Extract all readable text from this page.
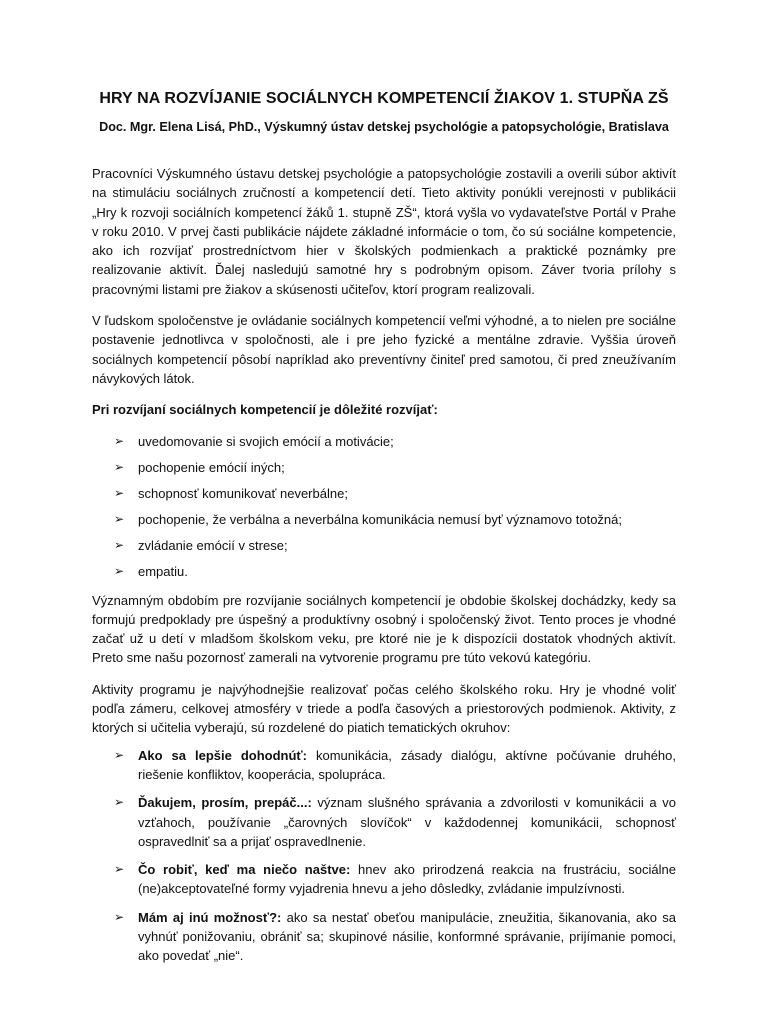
HRY NA ROZVÍJANIE SOCIÁLNYCH KOMPETENCIÍ ŽIAKOV 1. STUPŇA ZŠ
Doc. Mgr. Elena Lisá, PhD., Výskumný ústav detskej psychológie a patopsychológie, Bratislava

Pracovníci Výskumného ústavu detskej psychológie a patopsychológie zostavili a overili súbor aktivít na stimuláciu sociálnych zručností a kompetencií detí. Tieto aktivity ponúkli verejnosti v publikácii „Hry k rozvoji sociálních kompetencí žáků 1. stupně ZŠ“, ktorá vyšla vo vydavateľstve Portál v Prahe v roku 2010. V prvej časti publikácie nájdete základné informácie o tom, čo sú sociálne kompetencie, ako ich rozvíjať prostredníctvom hier v školských podmienkach a praktické poznámky pre realizovanie aktivít. Ďalej nasledujú samotné hry s podrobným opisom. Záver tvoria prílohy s pracovnými listami pre žiakov a skúsenosti učiteľov, ktorí program realizovali.

V ľudskom spoločenstve je ovládanie sociálnych kompetencií veľmi výhodné, a to nielen pre sociálne postavenie jednotlivca v spoločnosti, ale i pre jeho fyzické a mentálne zdravie. Vyššia úroveň sociálnych kompetencií pôsobí napríklad ako preventívny činiteľ pred samotou, či pred zneužívaním návykových látok.

Pri rozvíjaní sociálnych kompetencií je dôležité rozvíjať:

➢	uvedomovanie si svojich emócií a motivácie;
➢	pochopenie emócií iných;
➢	schopnosť komunikovať neverbálne;
➢	pochopenie, že verbálna a neverbálna komunikácia nemusí byť významovo totožná;
➢	zvládanie emócií v strese;
➢	empatiu.

Významným obdobím pre rozvíjanie sociálnych kompetencií je obdobie školskej dochádzky, kedy sa formujú predpoklady pre úspešný a produktívny osobný i spoločenský život. Tento proces je vhodné začať už u detí v mladšom školskom veku, pre ktoré nie je k dispozícii dostatok vhodných aktivít. Preto sme našu pozornosť zamerali na vytvorenie programu pre túto vekovú kategóriu.

Aktivity programu je najvýhodnejšie realizovať počas celého školského roku. Hry je vhodné voliť podľa zámeru, celkovej atmosféry v triede a podľa časových a priestorových podmienok. Aktivity, z ktorých si učitelia vyberajú, sú rozdelené do piatich tematických okruhov:

➢	Ako sa lepšie dohodnúť: komunikácia, zásady dialógu, aktívne počúvanie druhého, riešenie konfliktov, kooperácia, spolupráca.
➢	Ďakujem, prosím, prepáč...: význam slušného správania a zdvorilosti v komunikácii a vo vzťahoch, používanie „čarovných slovíčok“ v každodennej komunikácii, schopnosť ospravedlniť sa a prijať ospravedlnenie.
➢	Čo robiť, keď ma niečo naštve: hnev ako prirodzená reakcia na frustráciu, sociálne (ne)akceptovateľné formy vyjadrenia hnevu a jeho dôsledky, zvládanie impulzívnosti.
➢	Mám aj inú možnosť?: ako sa nestať obeťou manipulácie, zneužitia, šikanovania, ako sa vyhnúť ponižovaniu, obrániť sa; skupinové násilie, konformné správanie, prijímanie pomoci, ako povedať „nie“.
